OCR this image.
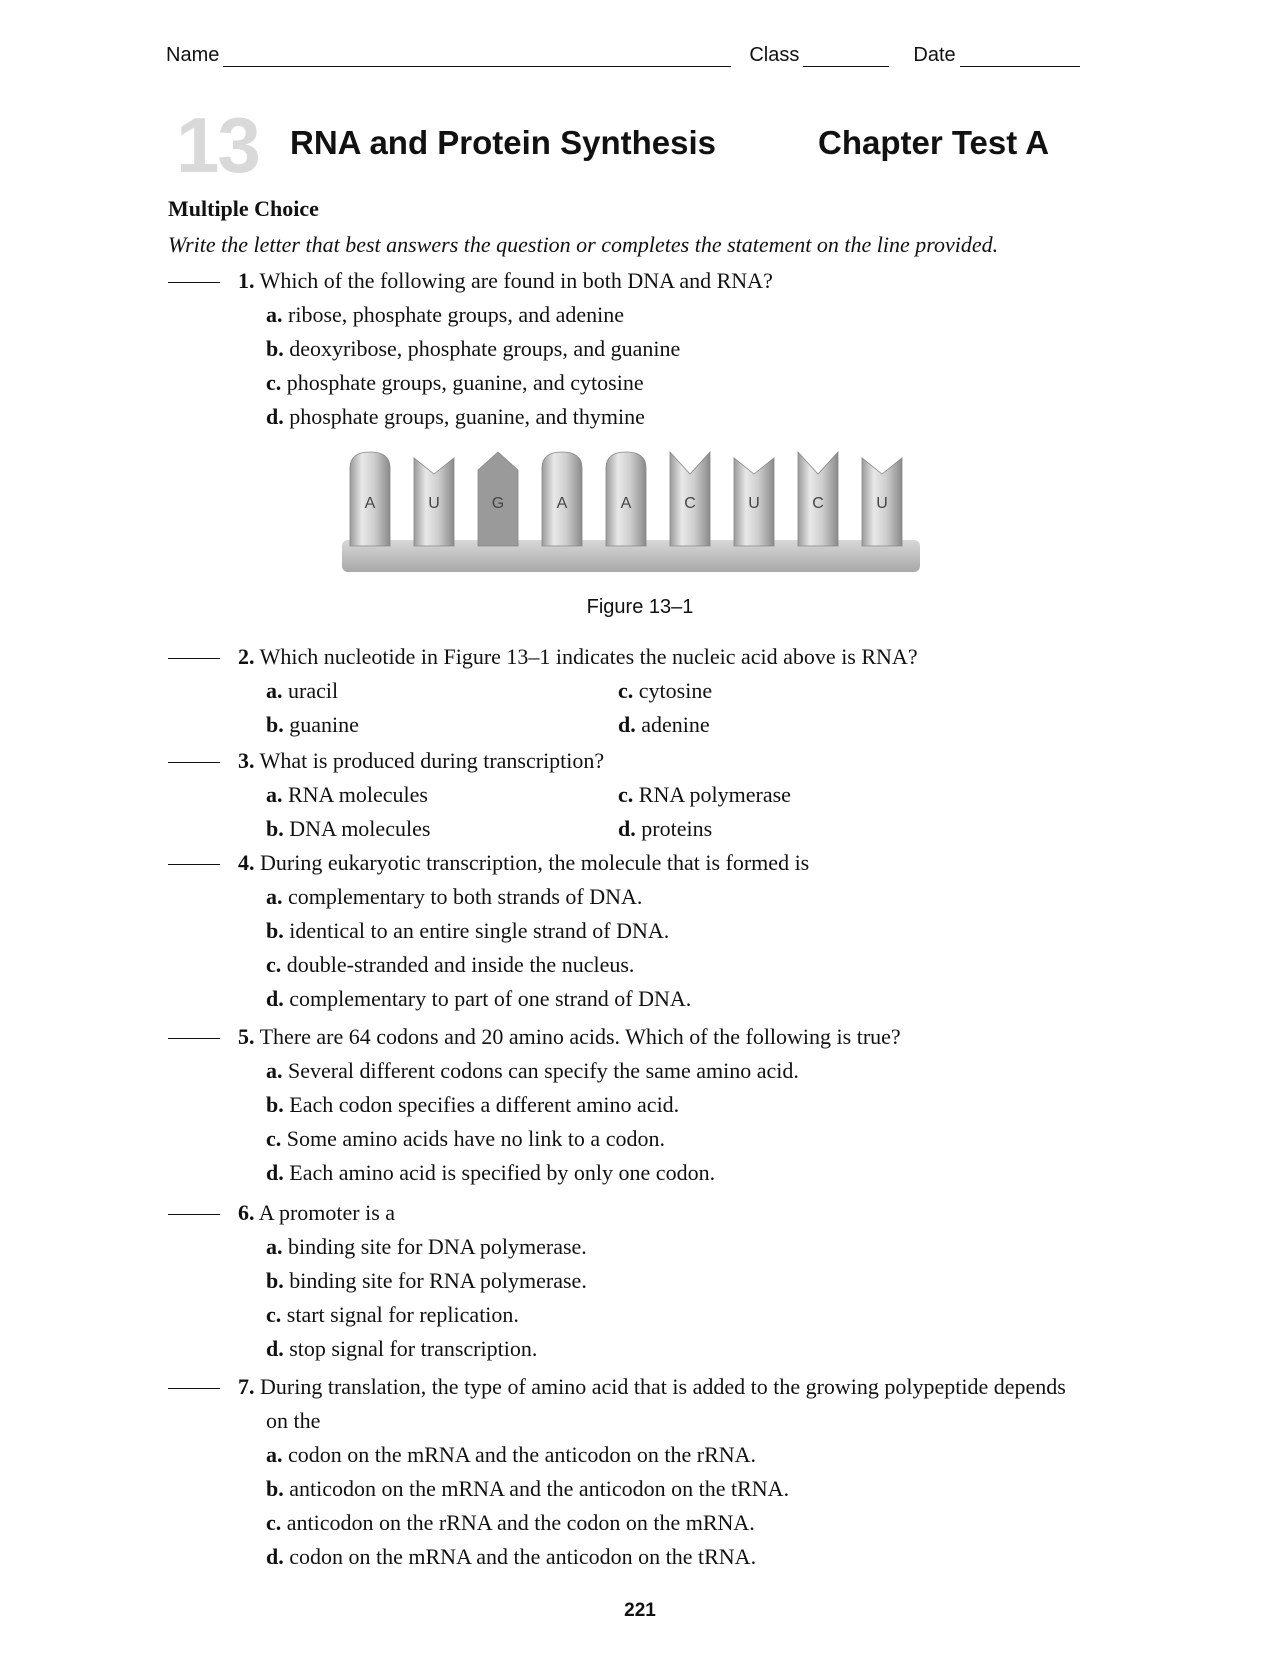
Name	Class	Date
13 RNA and Protein Synthesis	Chapter Test A
Multiple Choice
Write the letter that best answers the question or completes the statement on the line provided.
1. Which of the following are found in both DNA and RNA?
a. ribose, phosphate groups, and adenine
b. deoxyribose, phosphate groups, and guanine
c. phosphate groups, guanine, and cytosine
d. phosphate groups, guanine, and thymine
A	U	G	A	A	C	U	C	U
Figure 13–1
2. Which nucleotide in Figure 13–1 indicates the nucleic acid above is RNA?
a. uracil	c. cytosine
b. guanine	d. adenine
3. What is produced during transcription?
a. RNA molecules	c. RNA polymerase
b. DNA molecules	d. proteins
4. During eukaryotic transcription, the molecule that is formed is
a. complementary to both strands of DNA.
b. identical to an entire single strand of DNA.
c. double-stranded and inside the nucleus.
d. complementary to part of one strand of DNA.
5. There are 64 codons and 20 amino acids. Which of the following is true?
a. Several different codons can specify the same amino acid.
b. Each codon specifies a different amino acid.
c. Some amino acids have no link to a codon.
d. Each amino acid is specified by only one codon.
6. A promoter is a
a. binding site for DNA polymerase.
b. binding site for RNA polymerase.
c. start signal for replication.
d. stop signal for transcription.
7. During translation, the type of amino acid that is added to the growing polypeptide depends on the
a. codon on the mRNA and the anticodon on the rRNA.
b. anticodon on the mRNA and the anticodon on the tRNA.
c. anticodon on the rRNA and the codon on the mRNA.
d. codon on the mRNA and the anticodon on the tRNA.
221
